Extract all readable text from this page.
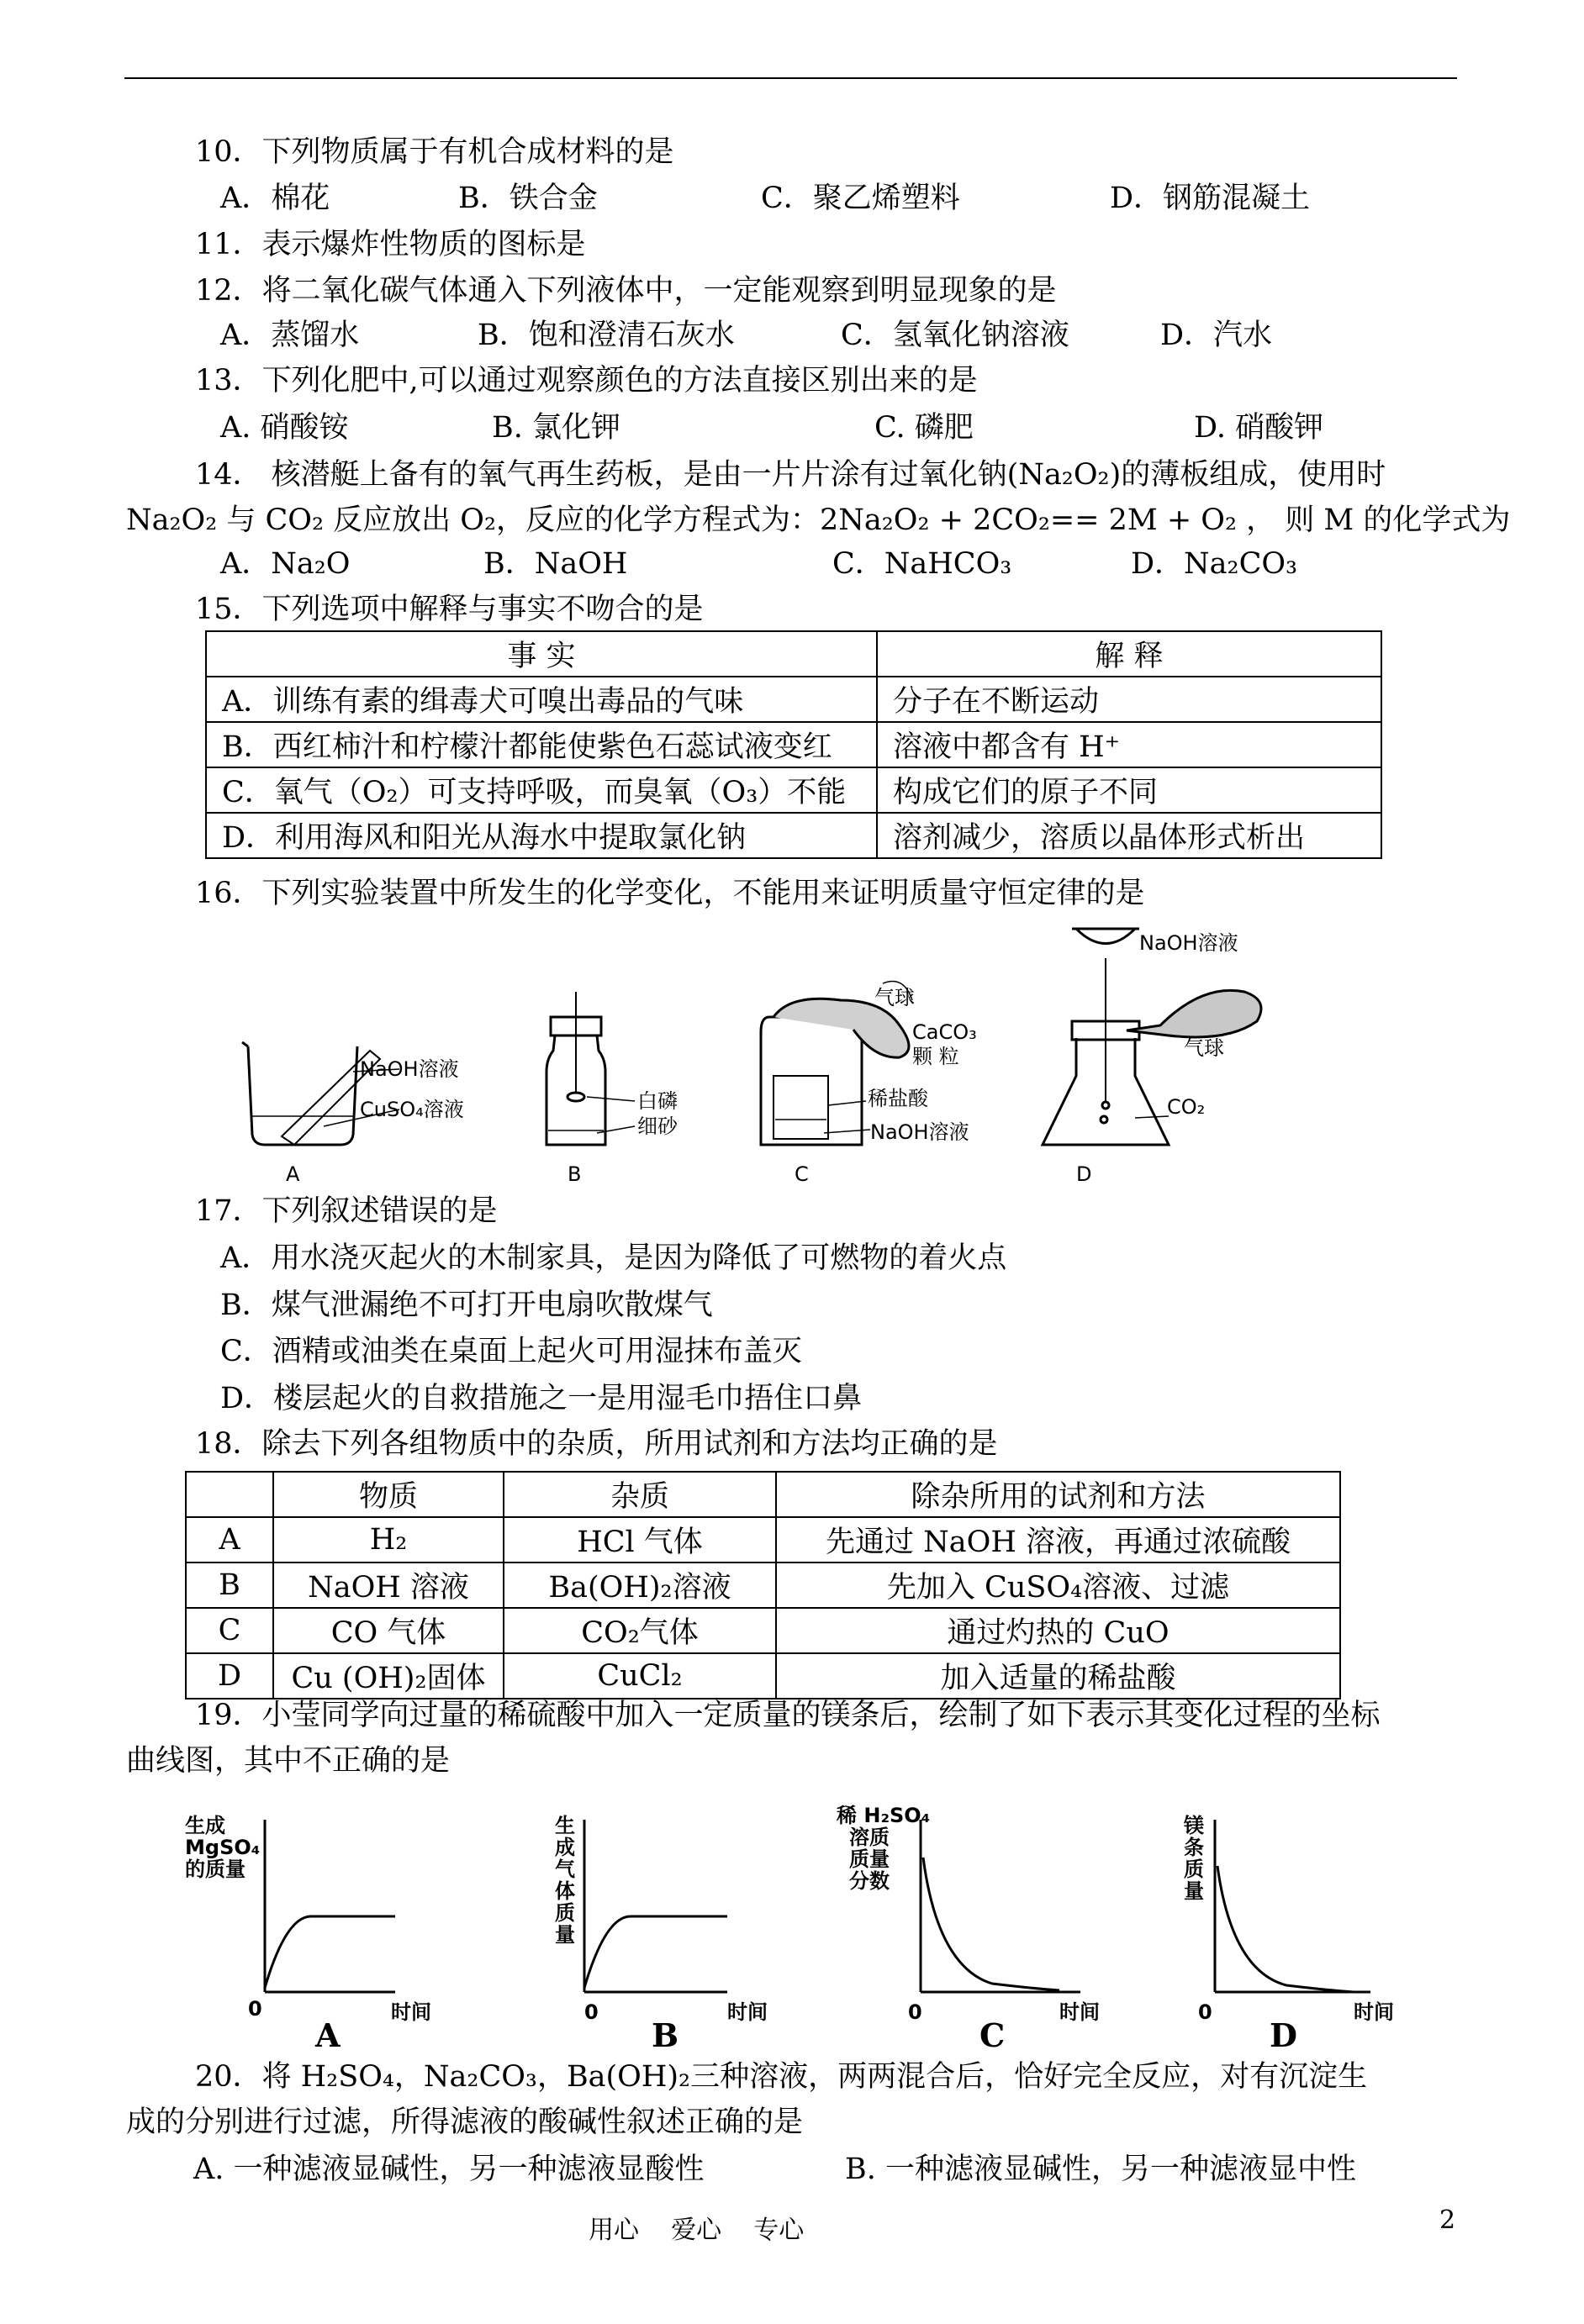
10．下列物质属于有机合成材料的是
A．棉花	B．铁合金	C．聚乙烯塑料	D．钢筋混凝土
11．表示爆炸性物质的图标是
12．将二氧化碳气体通入下列液体中，一定能观察到明显现象的是
A．蒸馏水	B．饱和澄清石灰水	C．氢氧化钠溶液	D．汽水
13．下列化肥中,可以通过观察颜色的方法直接区别出来的是
A. 硝酸铵	B. 氯化钾	C. 磷肥	D. 硝酸钾
14． 核潜艇上备有的氧气再生药板，是由一片片涂有过氧化钠(Na₂O₂)的薄板组成，使用时
Na₂O₂ 与 CO₂ 反应放出 O₂，反应的化学方程式为：2Na₂O₂ + 2CO₂== 2M + O₂ ， 则 M 的化学式为
A．Na₂O	B．NaOH	C．NaHCO₃	D．Na₂CO₃
15．下列选项中解释与事实不吻合的是
事 实	解 释
A．训练有素的缉毒犬可嗅出毒品的气味	分子在不断运动
B．西红柿汁和柠檬汁都能使紫色石蕊试液变红	溶液中都含有 H⁺
C．氧气（O₂）可支持呼吸，而臭氧（O₃）不能	构成它们的原子不同
D．利用海风和阳光从海水中提取氯化钠	溶剂减少，溶质以晶体形式析出
16．下列实验装置中所发生的化学变化，不能用来证明质量守恒定律的是
NaOH溶液
CuSO₄溶液	白磷
细砂
气球
CaCO₃
颗 粒
稀盐酸
NaOH溶液
NaOH溶液
气球
CO₂
A	B	C	D
17．下列叙述错误的是
A．用水浇灭起火的木制家具，是因为降低了可燃物的着火点
B．煤气泄漏绝不可打开电扇吹散煤气
C．酒精或油类在桌面上起火可用湿抹布盖灭
D．楼层起火的自救措施之一是用湿毛巾捂住口鼻
18．除去下列各组物质中的杂质，所用试剂和方法均正确的是
	物质	杂质	除杂所用的试剂和方法
A	H₂	HCl 气体	先通过 NaOH 溶液，再通过浓硫酸
B	NaOH 溶液	Ba(OH)₂溶液	先加入 CuSO₄溶液、过滤
C	CO 气体	CO₂气体	通过灼热的 CuO
D	Cu (OH)₂固体	CuCl₂	加入适量的稀盐酸
19．小莹同学向过量的稀硫酸中加入一定质量的镁条后，绘制了如下表示其变化过程的坐标
曲线图，其中不正确的是
生成
MgSO₄
的质量
0	时间
生成气体质量
0	时间
稀 H₂SO₄
溶质
质量
分数
0	时间
镁条质量
0	时间
A	B	C	D
20．将 H₂SO₄，Na₂CO₃，Ba(OH)₂三种溶液，两两混合后，恰好完全反应，对有沉淀生
成的分别进行过滤，所得滤液的酸碱性叙述正确的是
A. 一种滤液显碱性，另一种滤液显酸性	B. 一种滤液显碱性，另一种滤液显中性
用心    爱心    专心	2
